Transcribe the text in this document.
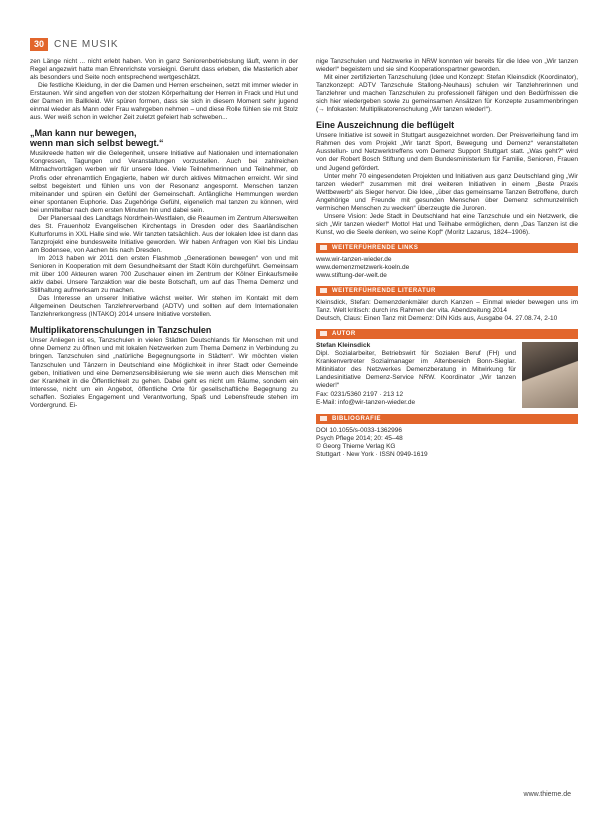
30	CNE MUSIK

zen Länge nicht ... nicht erlebt haben. Von in ganz Seniorenbetriebslung läuft, wenn in der Regel angezwirt hatte man Ehrenrichste vorsieigni. Geruht dass erleben, die Masterlich aber als besonders und Seite noch entsprechend wertgeschätzt.

Die festliche Kleidung, in der die Damen und Herren erscheinen, setzt mit immer wieder in Erstaunen. Wir sind angeflen von der stolzen Körperhaltung der Herren in Frack und Hut und der Damen im Ballkleid. Wir spüren formen, dass sie sich in diesem Moment sehr jugend einmal wieder als Mann oder Frau wahrgeben nehmen – und diese Rolle fühlen sie mit Stolz aus. Wer weiß schon in welcher Zeit zuletzt gefeiert hab schweben...

„Man kann nur bewegen,
wenn man sich selbst bewegt.“

Musikreede hatten wir die Gelegenheit, unsere Initiative auf Nationalen und internationalen Kongressen, Tagungen und Veranstaltungen vorzustellen. Auch bei zahlreichen Mitmachvorträgen werben wir für unsere Idee. Viele Teilnehmerinnen und Teilnehmer, ob Profis oder ehrenamtlich Engagierte, haben wir durch aktives Mitmachen erreicht. Wir sind selbst begeistert und fühlen uns von der Resonanz angespornt. Menschen tanzen miteinander und spüren ein Gefühl der Gemeinschaft. Anfängliche Hemmungen werden einer spontanen Euphorie. Das Zugehörige Gefühl, eigenelich mal tanzen zu können, wird bei unmittelbar nach dem ersten Minuten hin und dabei sein.

Der Planersaal des Landtags Nordrhein-Westfalen, die Reaumen im Zentrum Alterswelten des St. Frauenholz Evangelischen Kirchentags in Dresden oder des Saarländischen Kulturforums in XXL Halle sind wie. Wir tanzten tatsächlich. Aus der lokalen Idee ist dann das Tanzprojekt eine bundesweite Initiative geworden. Wir haben Anfragen von Kiel bis Lindau am Bodensee, von Aachen bis nach Dresden.

Im 2013 haben wir 2011 den ersten Flashmob „Generationen bewegen“ von und mit Senioren in Kooperation mit dem Gesundheitsamt der Stadt Köln durchgeführt. Gemeinsam mit über 100 Akteuren waren 700 Zuschauer einen im Zentrum der Kölner Einkaufsmeile aktiv dabei. Unsere Tanzaktion war die beste Botschaft, um auf das Thema Demenz und Stillhaltung aufmerksam zu machen.

Das Interesse an unserer Initiative wächst weiter. Wir stehen im Kontakt mit dem Allgemeinen Deutschen Tanzlehrerverband (ADTV) und sollten auf dem Internationalen Tanzlehrerkongress (INTAKO) 2014 unsere Initiative vorstellen.

Multiplikatorenschulungen in Tanzschulen

Unser Anliegen ist es, Tanzschulen in vielen Städten Deutschlands für Menschen mit und ohne Demenz zu öffnen und mit lokalen Netzwerken zum Thema Demenz in Verbindung zu bringen. Tanzschulen sind „natürliche Begegnungsorte in Städten“. Wir möchten vielen Tanzschulen und Tänzern in Deutschland eine Möglichkeit in ihrer Stadt oder Gemeinde geben, Initiativen und eine Demenzsensibilisierung wie sie wenn auch dies Menschen mit der Krankheit in die Öffentlichkeit zu gehen. Dabei geht es nicht um Räume, sondern ein Interesse, nicht um ein Angebot, öffentliche Orte für gesellschaftliche Begegnung zu schaffen. Soziales Engagement und Verantwortung, Spaß und Lebensfreude stehen im Vordergrund. Ei-

nige Tanzschulen und Netzwerke in NRW konnten wir bereits für die Idee von „Wir tanzen wieder!“ begeistern und sie sind Kooperationspartner geworden.

Mit einer zertifizierten Tanzschulung (Idee und Konzept: Stefan Kleinsdick (Koordinator), Tanzkonzept: ADTV Tanzschule Stallong-Neuhaus) schulen wir Tanzlehrerinnen und Tanzlehrer und machen Tanzschulen zu professionell fähigen und den Bedürfnissen die sich hier wiedergeben sowie zu gemeinsamen Ansätzen für Konzepte zusammenbringen (→ Infokasten: Multiplikatorenschulung „Wir tanzen wieder!“).

Eine Auszeichnung die beflügelt

Unsere Initiative ist soweit in Stuttgart ausgezeichnet worden. Der Preisverleihung fand im Rahmen des vom Projekt „Wir tanzt Sport, Bewegung und Demenz“ veranstalteten Ausstellun- und Netzwerktreffens vom Demenz Support Stuttgart statt. „Was geht?“ wird von der Robert Bosch Stiftung und dem Bundesministerium für Familie, Senioren, Frauen und Jugend gefördert.

Unter mehr 70 eingesendeten Projekten und Initiativen aus ganz Deutschland ging „Wir tanzen wieder!“ zusammen mit drei weiteren Initiativen in einem „Beste Praxis Wettbewerb“ als Sieger hervor. Die Idee, „über das gemeinsame Tanzen Betroffene, durch Angehörige und Freunde mit gesunden Menschen über Demenz schmunzelnlich vermischen Menschen zu wecken“ überzeugte die Juroren.

Unsere Vision: Jede Stadt in Deutschland hat eine Tanzschule und ein Netzwerk, die sich „Wir tanzen wieder!“ Motto! Hat und Teilhabe ermöglichen, denn „Das Tanzen ist die Kunst, wo die Seele denken, wo seine Kopf“ (Moritz Lazarus, 1824–1906).

WEITERFÜHRENDE LINKS
www.wir-tanzen-wieder.de
www.demenzmetzwerk-koeln.de
www.stiftung-der-welt.de
WEITERFÜHRENDE LITERATUR

Kleinsdick, Stefan: Demenzdenkmäler durch Kanzen – Einmal wieder bewegen uns im Tanz. Welt kritisch: durch ins Rahmen der vita. Abendzeitung 2014

Deutsch, Claus: Einen Tanz mit Demenz: DIN Kids aus, Ausgabe 04. 27.08.74, 2-10

AUTOR

Stefan Kleinsdick

Dipl. Sozialarbeiter, Betriebswirt für Sozialen Beruf (FH) und Krankenvertreter Sozialmanager im Altenbereich Bonn-Sieglar. Mitinitiator des Netzwerkes Demenzberatung in Mitwirkung für Landesinitiative Demenz-Service NRW. Koordinator „Wir tanzen wieder!“

Fax: 0231/5360 2197 · 213 12
E-Mail: info@wir-tanzen-wieder.de

BIBLIOGRAFIE
DOI 10.1055/s-0033-1362996
Psych Pflege 2014; 20: 45–48
© Georg Thieme Verlag KG
Stuttgart · New York · ISSN 0949-1619
www.thieme.de
